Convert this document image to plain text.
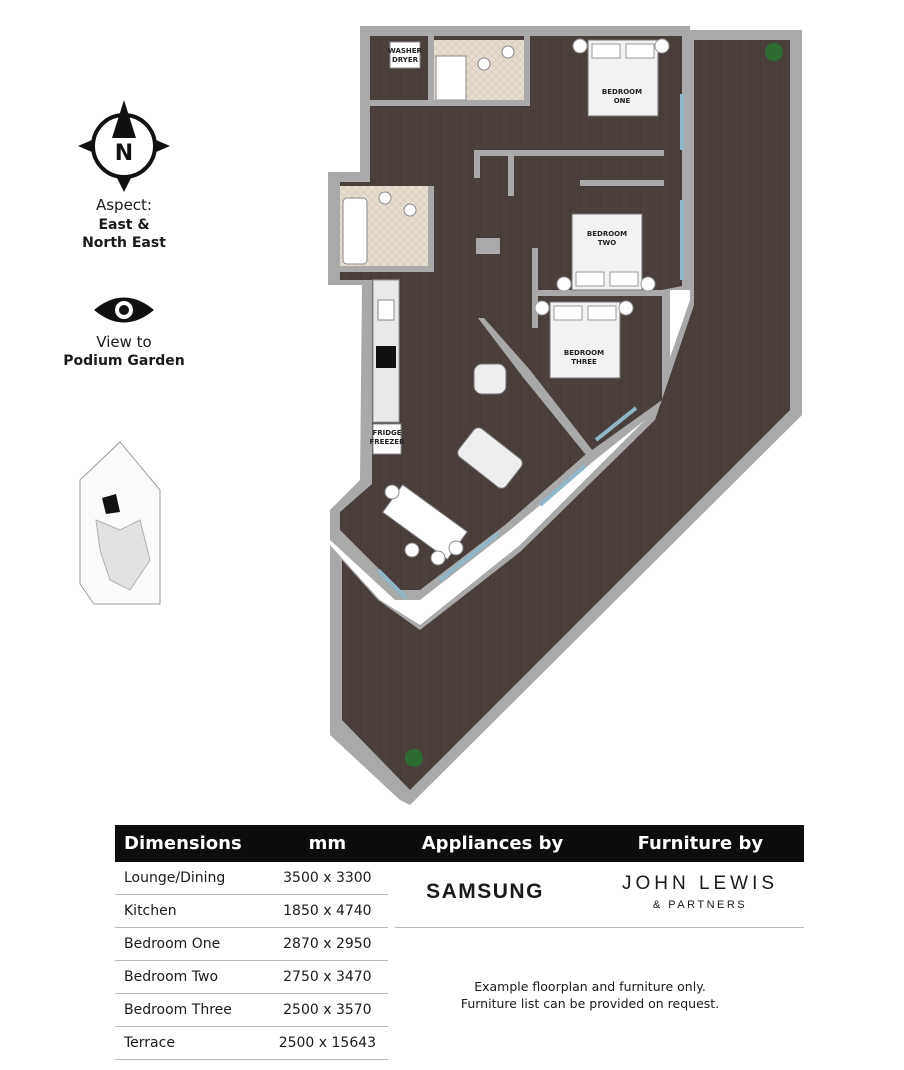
WASHER
DRYER
BEDROOM
ONE
BEDROOM
TWO
BEDROOM
THREE
FRIDGE
FREEZER
N
Aspect:
East &
North East
View to
Podium Garden
Dimensions	mm	Appliances by	Furniture by
Lounge/Dining	3500 x 3300		
Kitchen	1850 x 4740		
Bedroom One	2870 x 2950		
Bedroom Two	2750 x 3470		
Bedroom Three	2500 x 3570		
Terrace	2500 x 15643		
SAMSUNG	JOHN LEWIS
& PARTNERS
Example floorplan and furniture only.
Furniture list can be provided on request.
